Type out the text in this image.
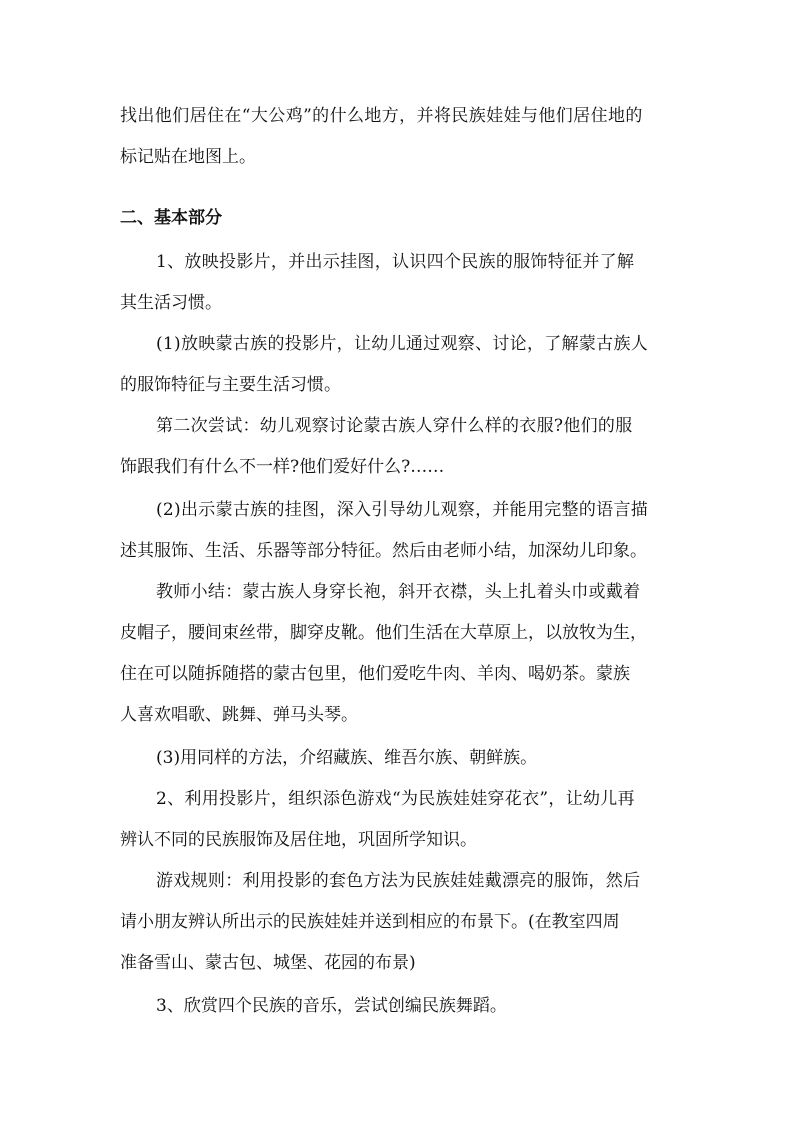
找出他们居住在“大公鸡”的什么地方，并将民族娃娃与他们居住地的
标记贴在地图上。
二、基本部分
1、放映投影片，并出示挂图，认识四个民族的服饰特征并了解
其生活习惯。
(1)放映蒙古族的投影片，让幼儿通过观察、讨论，了解蒙古族人
的服饰特征与主要生活习惯。
第二次尝试：幼儿观察讨论蒙古族人穿什么样的衣服?他们的服
饰跟我们有什么不一样?他们爱好什么?……
(2)出示蒙古族的挂图，深入引导幼儿观察，并能用完整的语言描
述其服饰、生活、乐器等部分特征。然后由老师小结，加深幼儿印象。
教师小结：蒙古族人身穿长袍，斜开衣襟，头上扎着头巾或戴着
皮帽子，腰间束丝带，脚穿皮靴。他们生活在大草原上，以放牧为生，
住在可以随拆随搭的蒙古包里，他们爱吃牛肉、羊肉、喝奶茶。蒙族
人喜欢唱歌、跳舞、弹马头琴。
(3)用同样的方法，介绍藏族、维吾尔族、朝鲜族。
2、利用投影片，组织添色游戏“为民族娃娃穿花衣”，让幼儿再
辨认不同的民族服饰及居住地，巩固所学知识。
游戏规则：利用投影的套色方法为民族娃娃戴漂亮的服饰，然后
请小朋友辨认所出示的民族娃娃并送到相应的布景下。(在教室四周
准备雪山、蒙古包、城堡、花园的布景)
3、欣赏四个民族的音乐，尝试创编民族舞蹈。
